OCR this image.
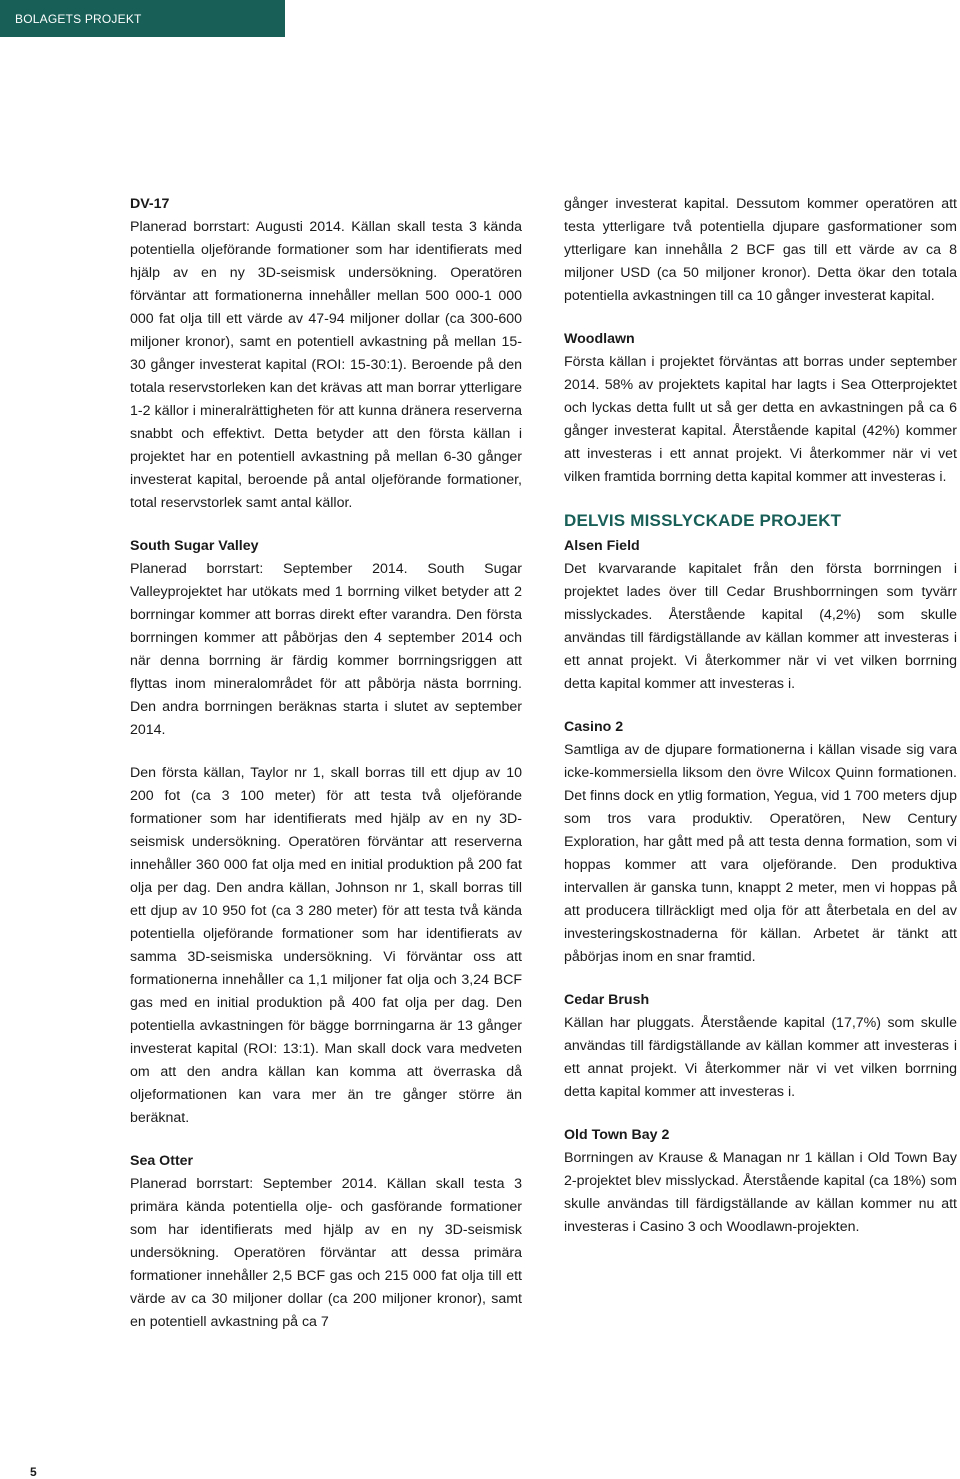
BOLAGETS PROJEKT
DV-17

Planerad borrstart: Augusti 2014. Källan skall testa 3 kända potentiella oljeförande formationer som har identifierats med hjälp av en ny 3D-seismisk undersökning. Operatören förväntar att formationerna innehåller mellan 500 000-1 000 000 fat olja till ett värde av 47-94 miljoner dollar (ca 300-600 miljoner kronor), samt en potentiell avkastning på mellan 15-30 gånger investerat kapital (ROI: 15-30:1). Beroende på den totala reservstorleken kan det krävas att man borrar ytterligare 1-2 källor i mineralrättigheten för att kunna dränera reserverna snabbt och effektivt. Detta betyder att den första källan i projektet har en potentiell avkastning på mellan 6-30 gånger investerat kapital, beroende på antal oljeförande formationer, total reservstorlek samt antal källor.

South Sugar Valley

Planerad borrstart: September 2014. South Sugar Valleyprojektet har utökats med 1 borrning vilket betyder att 2 borrningar kommer att borras direkt efter varandra. Den första borrningen kommer att påbörjas den 4 september 2014 och när denna borrning är färdig kommer borrningsriggen att flyttas inom mineralområdet för att påbörja nästa borrning. Den andra borrningen beräknas starta i slutet av september 2014.

Den första källan, Taylor nr 1, skall borras till ett djup av 10 200 fot (ca 3 100 meter) för att testa två oljeförande formationer som har identifierats med hjälp av en ny 3D-seismisk undersökning. Operatören förväntar att reserverna innehåller 360 000 fat olja med en initial produktion på 200 fat olja per dag. Den andra källan, Johnson nr 1, skall borras till ett djup av 10 950 fot (ca 3 280 meter) för att testa två kända potentiella oljeförande formationer som har identifierats av samma 3D-seismiska undersökning. Vi förväntar oss att formationerna innehåller ca 1,1 miljoner fat olja och 3,24 BCF gas med en initial produktion på 400 fat olja per dag. Den potentiella avkastningen för bägge borrningarna är 13 gånger investerat kapital (ROI: 13:1). Man skall dock vara medveten om att den andra källan kan komma att överraska då oljeformationen kan vara mer än tre gånger större än beräknat.

Sea Otter

Planerad borrstart: September 2014. Källan skall testa 3 primära kända potentiella olje- och gasförande formationer som har identifierats med hjälp av en ny 3D-seismisk undersökning. Operatören förväntar att dessa primära formationer innehåller 2,5 BCF gas och 215 000 fat olja till ett värde av ca 30 miljoner dollar (ca 200 miljoner kronor), samt en potentiell avkastning på ca 7

gånger investerat kapital. Dessutom kommer operatören att testa ytterligare två potentiella djupare gasformationer som ytterligare kan innehålla 2 BCF gas till ett värde av ca 8 miljoner USD (ca 50 miljoner kronor). Detta ökar den totala potentiella avkastningen till ca 10 gånger investerat kapital.

Woodlawn

Första källan i projektet förväntas att borras under september 2014. 58% av projektets kapital har lagts i Sea Otterprojektet och lyckas detta fullt ut så ger detta en avkastningen på ca 6 gånger investerat kapital. Återstående kapital (42%) kommer att investeras i ett annat projekt. Vi återkommer när vi vet vilken framtida borrning detta kapital kommer att investeras i.

DELVIS MISSLYCKADE PROJEKT
Alsen Field

Det kvarvarande kapitalet från den första borrningen i projektet lades över till Cedar Brushborrningen som tyvärr misslyckades. Återstående kapital (4,2%) som skulle användas till färdigställande av källan kommer att investeras i ett annat projekt. Vi återkommer när vi vet vilken borrning detta kapital kommer att investeras i.

Casino 2

Samtliga av de djupare formationerna i källan visade sig vara icke-kommersiella liksom den övre Wilcox Quinn formationen. Det finns dock en ytlig formation, Yegua, vid 1 700 meters djup som tros vara produktiv. Operatören, New Century Exploration, har gått med på att testa denna formation, som vi hoppas kommer att vara oljeförande. Den produktiva intervallen är ganska tunn, knappt 2 meter, men vi hoppas på att producera tillräckligt med olja för att återbetala en del av investeringskostnaderna för källan. Arbetet är tänkt att påbörjas inom en snar framtid.

Cedar Brush

Källan har pluggats. Återstående kapital (17,7%) som skulle användas till färdigställande av källan kommer att investeras i ett annat projekt. Vi återkommer när vi vet vilken borrning detta kapital kommer att investeras i.

Old Town Bay 2

Borrningen av Krause & Managan nr 1 källan i Old Town Bay 2-projektet blev misslyckad. Återstående kapital (ca 18%) som skulle användas till färdigställande av källan kommer nu att investeras i Casino 3 och Woodlawn-projekten.

5
